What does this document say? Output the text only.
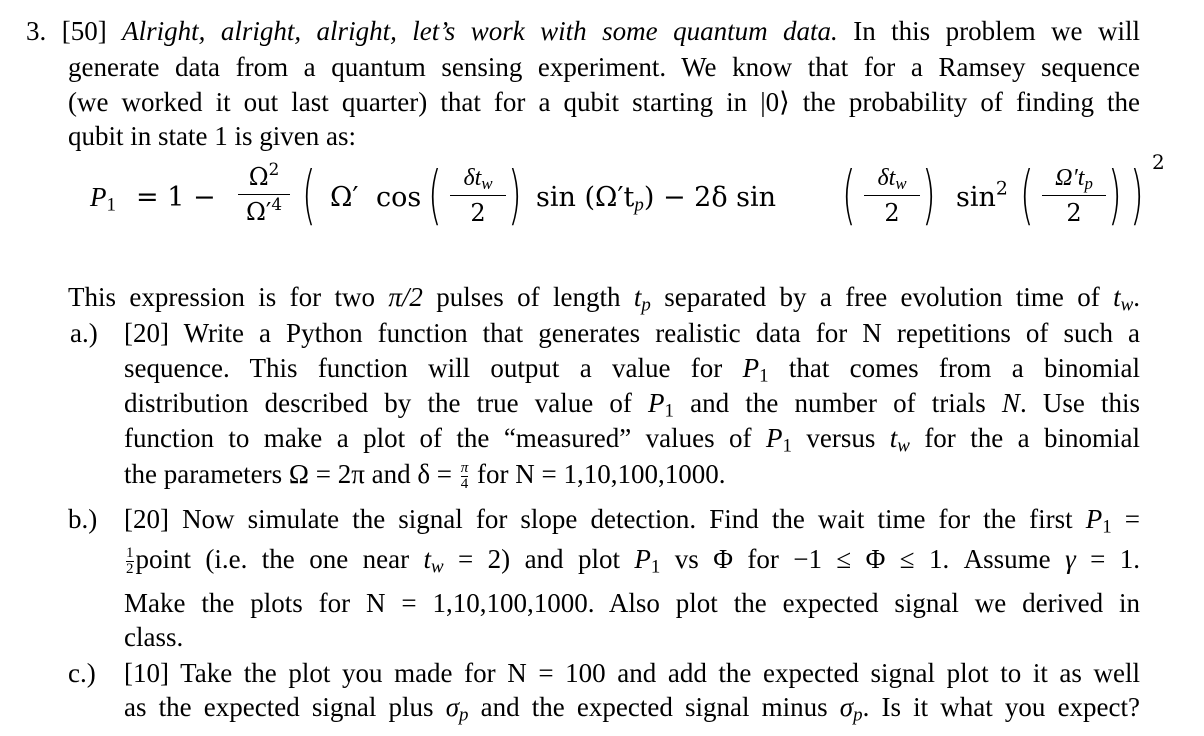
3. [50] Alright, alright, alright, let’s work with some quantum data. In this problem we will
generate data from a quantum sensing experiment. We know that for a Ramsey sequence
(we worked it out last quarter) that for a qubit starting in |0⟩ the probability of finding the
qubit in state 1 is given as:
$P_1 = 1$ −
$\Omega^2$
$\Omega'^4$ ( Ω′ cos ( $\delta t_w$
2 ) $\sin (\Omega't_p) - 2\delta$ sin ( $\delta t_w$
2 ) $\sin^2$ ( $\Omega't_p$
2 ) ) 2
This expression is for two π/2 pulses of length $t_p$ separated by a free evolution time of $t_w$.
a.) [20] Write a Python function that generates realistic data for N repetitions of such a
sequence. This function will output a value for $P_1$ that comes from a binomial
distribution described by the true value of $P_1$ and the number of trials N. Use this
function to make a plot of the “measured” values of $P_1$ versus $t_w$ for the a binomial
the parameters Ω = 2π and $\delta = \frac{\pi}{4}$ for N = 1,10,100,1000.
b.) [20] Now simulate the signal for slope detection. Find the wait time for the first $P_1$ =
$\frac{1}{2}point$ (i.e. the one near $t_w = 2$) and plot $P_1$ vs Φ for −1 ≤ Φ ≤ 1. Assume γ = 1.
Make the plots for N = 1,10,100,1000. Also plot the expected signal we derived in
class.
c.) [10] Take the plot you made for N = 100 and add the expected signal plot to it as well
as the expected signal plus $\sigma_p$ and the expected signal minus $\sigma_p$. Is it what you expect?
